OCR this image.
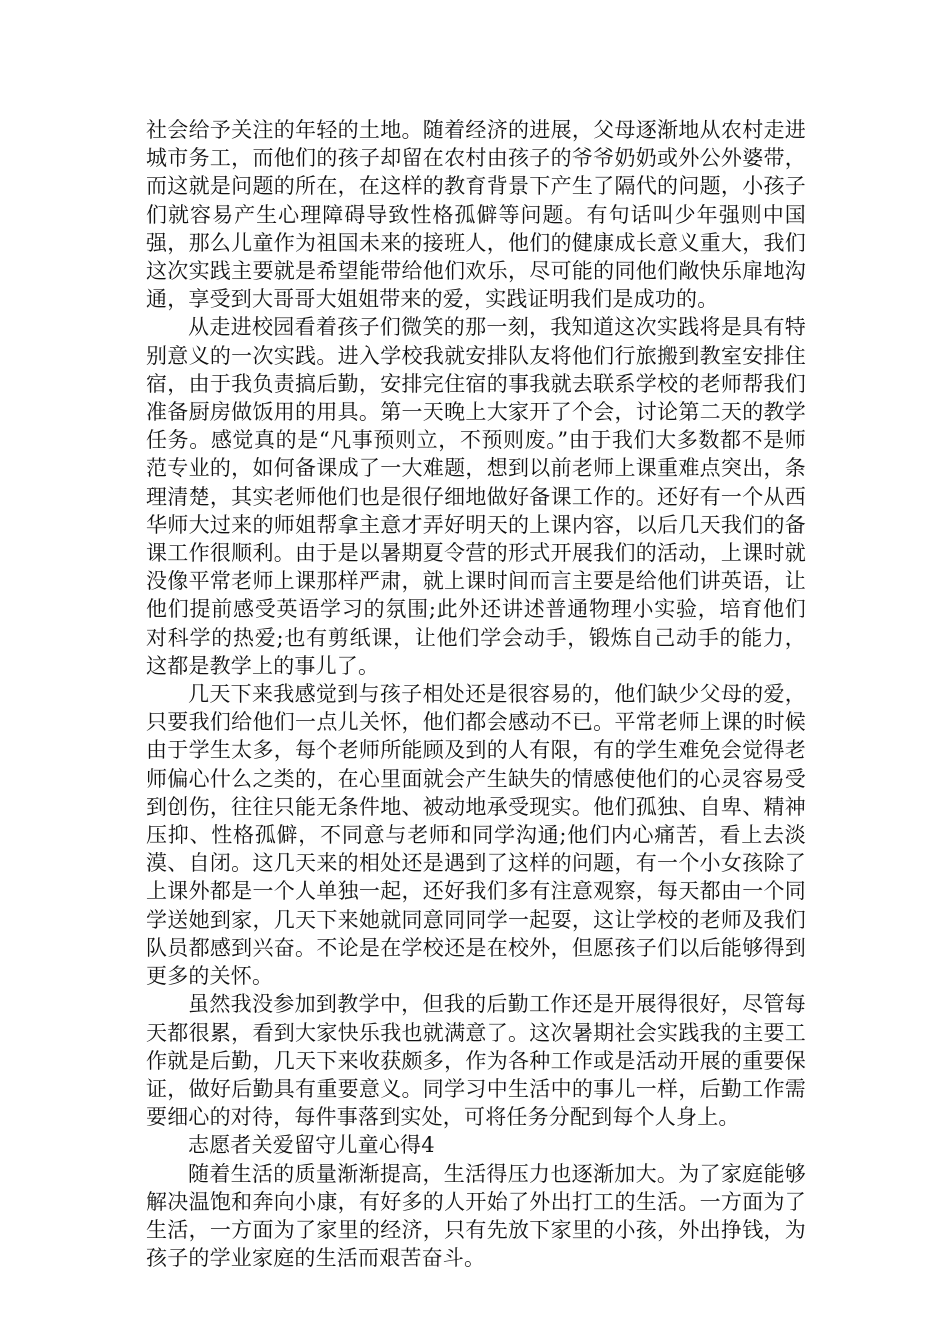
社会给予关注的年轻的土地。随着经济的进展，父母逐渐地从农村走进城市务工，而他们的孩子却留在农村由孩子的爷爷奶奶或外公外婆带，而这就是问题的所在，在这样的教育背景下产生了隔代的问题，小孩子们就容易产生心理障碍导致性格孤僻等问题。有句话叫少年强则中国强，那么儿童作为祖国未来的接班人，他们的健康成长意义重大，我们这次实践主要就是希望能带给他们欢乐，尽可能的同他们敞快乐扉地沟通，享受到大哥哥大姐姐带来的爱，实践证明我们是成功的。

从走进校园看着孩子们微笑的那一刻，我知道这次实践将是具有特别意义的一次实践。进入学校我就安排队友将他们行旅搬到教室安排住宿，由于我负责搞后勤，安排完住宿的事我就去联系学校的老师帮我们准备厨房做饭用的用具。第一天晚上大家开了个会，讨论第二天的教学任务。感觉真的是“凡事预则立，不预则废。”由于我们大多数都不是师范专业的，如何备课成了一大难题，想到以前老师上课重难点突出，条理清楚，其实老师他们也是很仔细地做好备课工作的。还好有一个从西华师大过来的师姐帮拿主意才弄好明天的上课内容，以后几天我们的备课工作很顺利。由于是以暑期夏令营的形式开展我们的活动，上课时就没像平常老师上课那样严肃，就上课时间而言主要是给他们讲英语，让他们提前感受英语学习的氛围;此外还讲述普通物理小实验，培育他们对科学的热爱;也有剪纸课，让他们学会动手，锻炼自己动手的能力，这都是教学上的事儿了。

几天下来我感觉到与孩子相处还是很容易的，他们缺少父母的爱，只要我们给他们一点儿关怀，他们都会感动不已。平常老师上课的时候由于学生太多，每个老师所能顾及到的人有限，有的学生难免会觉得老师偏心什么之类的，在心里面就会产生缺失的情感使他们的心灵容易受到创伤，往往只能无条件地、被动地承受现实。他们孤独、自卑、精神压抑、性格孤僻，不同意与老师和同学沟通;他们内心痛苦，看上去淡漠、自闭。这几天来的相处还是遇到了这样的问题，有一个小女孩除了上课外都是一个人单独一起，还好我们多有注意观察，每天都由一个同学送她到家，几天下来她就同意同同学一起耍，这让学校的老师及我们队员都感到兴奋。不论是在学校还是在校外，但愿孩子们以后能够得到更多的关怀。

虽然我没参加到教学中，但我的后勤工作还是开展得很好，尽管每天都很累，看到大家快乐我也就满意了。这次暑期社会实践我的主要工作就是后勤，几天下来收获颇多，作为各种工作或是活动开展的重要保证，做好后勤具有重要意义。同学习中生活中的事儿一样，后勤工作需要细心的对待，每件事落到实处，可将任务分配到每个人身上。

志愿者关爱留守儿童心得4

随着生活的质量渐渐提高，生活得压力也逐渐加大。为了家庭能够解决温饱和奔向小康，有好多的人开始了外出打工的生活。一方面为了生活，一方面为了家里的经济，只有先放下家里的小孩，外出挣钱，为孩子的学业家庭的生活而艰苦奋斗。
